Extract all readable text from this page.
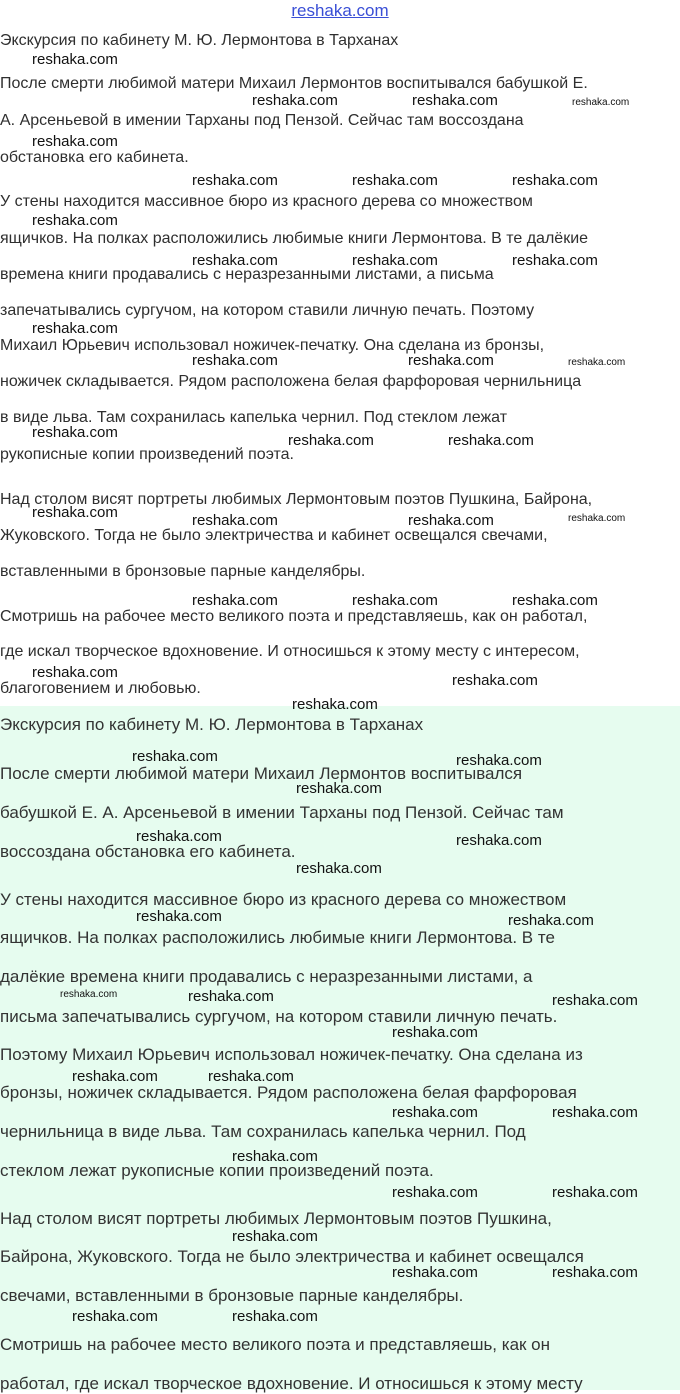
reshaka.com
Экскурсия по кабинету М. Ю. Лермонтова в Тарханах
После смерти любимой матери Михаил Лермонтов воспитывался бабушкой Е.
А. Арсеньевой в имении Тарханы под Пензой. Сейчас там воссоздана
обстановка его кабинета.
У стены находится массивное бюро из красного дерева со множеством
ящичков. На полках расположились любимые книги Лермонтова. В те далёкие
времена книги продавались с неразрезанными листами, а письма
запечатывались сургучом, на котором ставили личную печать. Поэтому
Михаил Юрьевич использовал ножичек-печатку. Она сделана из бронзы,
ножичек складывается. Рядом расположена белая фарфоровая чернильница
в виде льва. Там сохранилась капелька чернил. Под стеклом лежат
рукописные копии произведений поэта.
Над столом висят портреты любимых Лермонтовым поэтов Пушкина, Байрона,
Жуковского. Тогда не было электричества и кабинет освещался свечами,
вставленными в бронзовые парные канделябры.
Смотришь на рабочее место великого поэта и представляешь, как он работал,
где искал творческое вдохновение. И относишься к этому месту с интересом,
благоговением и любовью.
Экскурсия по кабинету М. Ю. Лермонтова в Тарханах
После смерти любимой матери Михаил Лермонтов воспитывался
бабушкой Е. А. Арсеньевой в имении Тарханы под Пензой. Сейчас там
воссоздана обстановка его кабинета.
У стены находится массивное бюро из красного дерева со множеством
ящичков. На полках расположились любимые книги Лермонтова. В те
далёкие времена книги продавались с неразрезанными листами, а
письма запечатывались сургучом, на котором ставили личную печать.
Поэтому Михаил Юрьевич использовал ножичек-печатку. Она сделана из
бронзы, ножичек складывается. Рядом расположена белая фарфоровая
чернильница в виде льва. Там сохранилась капелька чернил. Под
стеклом лежат рукописные копии произведений поэта.
Над столом висят портреты любимых Лермонтовым поэтов Пушкина,
Байрона, Жуковского. Тогда не было электричества и кабинет освещался
свечами, вставленными в бронзовые парные канделябры.
Смотришь на рабочее место великого поэта и представляешь, как он
работал, где искал творческое вдохновение. И относишься к этому месту
reshaka.com
reshaka.com	reshaka.com	reshaka.com
reshaka.com
reshaka.com	reshaka.com	reshaka.com
reshaka.com
reshaka.com	reshaka.com	reshaka.com
reshaka.com
reshaka.com	reshaka.com	reshaka.com
reshaka.com	reshaka.com	reshaka.com
reshaka.com	reshaka.com	reshaka.com	reshaka.com
reshaka.com	reshaka.com	reshaka.com
reshaka.com	reshaka.com
reshaka.com
reshaka.com	reshaka.com
reshaka.com
reshaka.com	reshaka.com
reshaka.com
reshaka.com	reshaka.com
reshaka.com	reshaka.com	reshaka.com
reshaka.com
reshaka.com	reshaka.com
reshaka.com	reshaka.com
reshaka.com
reshaka.com	reshaka.com
reshaka.com
reshaka.com	reshaka.com
reshaka.com	reshaka.com
